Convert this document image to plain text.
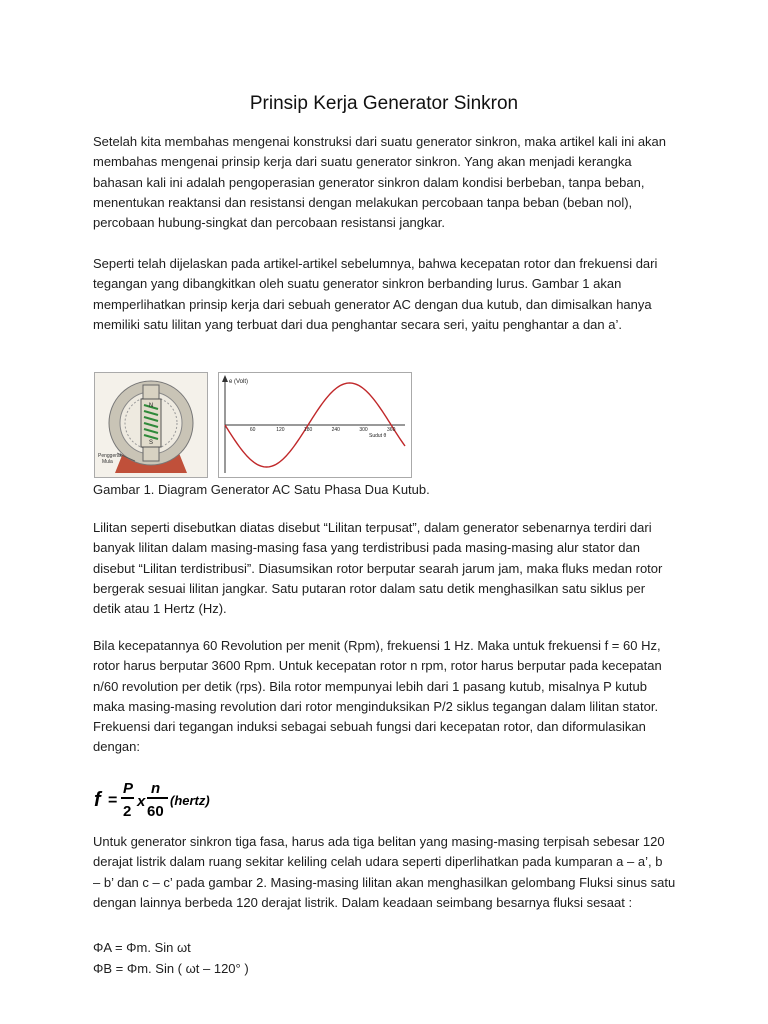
Prinsip Kerja Generator Sinkron

Setelah kita membahas mengenai konstruksi dari suatu generator sinkron, maka artikel kali ini akan
membahas mengenai prinsip kerja dari suatu generator sinkron. Yang akan menjadi kerangka
bahasan kali ini adalah pengoperasian generator sinkron dalam kondisi berbeban, tanpa beban,
menentukan reaktansi dan resistansi dengan melakukan percobaan tanpa beban (beban nol),
percobaan hubung-singkat dan percobaan resistansi jangkar.

Seperti telah dijelaskan pada artikel-artikel sebelumnya, bahwa kecepatan rotor dan frekuensi dari
tegangan yang dibangkitkan oleh suatu generator sinkron berbanding lurus. Gambar 1 akan
memperlihatkan prinsip kerja dari sebuah generator AC dengan dua kutub, dan dimisalkan hanya
memiliki satu lilitan yang terbuat dari dua penghantar secara seri, yaitu penghantar a dan a’.

N
S
Penggerak
Mula
e (Volt)
60	120	180	240	300	360
Sudut θ

Gambar 1. Diagram Generator AC Satu Phasa Dua Kutub.

Lilitan seperti disebutkan diatas disebut “Lilitan terpusat”, dalam generator sebenarnya terdiri dari
banyak lilitan dalam masing-masing fasa yang terdistribusi pada masing-masing alur stator dan
disebut “Lilitan terdistribusi”. Diasumsikan rotor berputar searah jarum jam, maka fluks medan rotor
bergerak sesuai lilitan jangkar. Satu putaran rotor dalam satu detik menghasilkan satu siklus per
detik atau 1 Hertz (Hz).

Bila kecepatannya 60 Revolution per menit (Rpm), frekuensi 1 Hz. Maka untuk frekuensi f = 60 Hz,
rotor harus berputar 3600 Rpm. Untuk kecepatan rotor n rpm, rotor harus berputar pada kecepatan
n/60 revolution per detik (rps). Bila rotor mempunyai lebih dari 1 pasang kutub, misalnya P kutub
maka masing-masing revolution dari rotor menginduksikan P/2 siklus tegangan dalam lilitan stator.
Frekuensi dari tegangan induksi sebagai sebuah fungsi dari kecepatan rotor, dan diformulasikan
dengan:

f =
P
2
x
n
60
(hertz)

Untuk generator sinkron tiga fasa, harus ada tiga belitan yang masing-masing terpisah sebesar 120
derajat listrik dalam ruang sekitar keliling celah udara seperti diperlihatkan pada kumparan a – a’, b
– b’ dan c – c’ pada gambar 2. Masing-masing lilitan akan menghasilkan gelombang Fluksi sinus satu
dengan lainnya berbeda 120 derajat listrik. Dalam keadaan seimbang besarnya fluksi sesaat :

ΦA = Φm. Sin ωt

ΦB = Φm. Sin ( ωt – 120° )
